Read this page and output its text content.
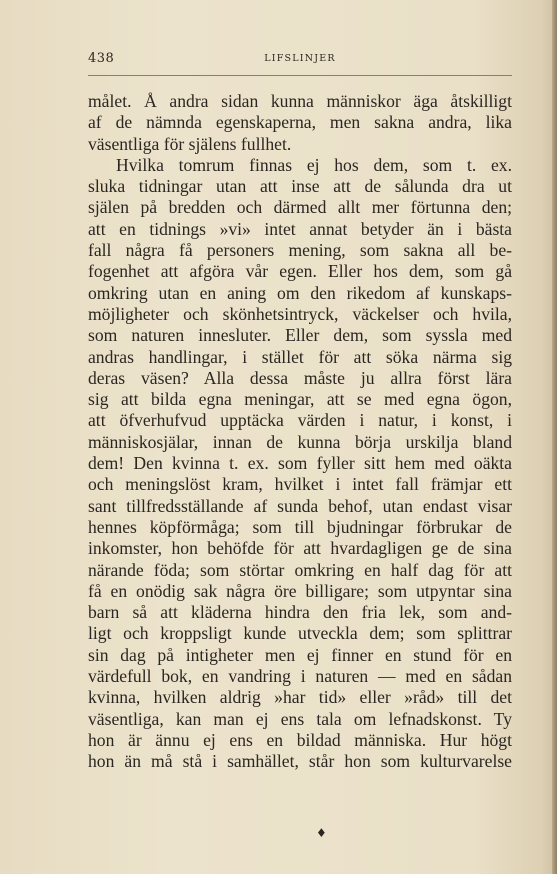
438	LIFSLINJER
målet. Å andra sidan kunna människor äga åtskilligt
af de nämnda egenskaperna, men sakna andra, lika
väsentliga för själens fullhet.
Hvilka tomrum finnas ej hos dem, som t. ex.
sluka tidningar utan att inse att de sålunda dra ut
själen på bredden och därmed allt mer förtunna den;
att en tidnings »vi» intet annat betyder än i bästa
fall några få personers mening, som sakna all be-
fogenhet att afgöra vår egen. Eller hos dem, som gå
omkring utan en aning om den rikedom af kunskaps-
möjligheter och skönhetsintryck, väckelser och hvila,
som naturen innesluter. Eller dem, som syssla med
andras handlingar, i stället för att söka närma sig
deras väsen? Alla dessa måste ju allra först lära
sig att bilda egna meningar, att se med egna ögon,
att öfverhufvud upptäcka värden i natur, i konst, i
människosjälar, innan de kunna börja urskilja bland
dem! Den kvinna t. ex. som fyller sitt hem med oäkta
och meningslöst kram, hvilket i intet fall främjar ett
sant tillfredsställande af sunda behof, utan endast visar
hennes köpförmåga; som till bjudningar förbrukar de
inkomster, hon behöfde för att hvardagligen ge de sina
närande föda; som störtar omkring en half dag för att
få en onödig sak några öre billigare; som utpyntar sina
barn så att kläderna hindra den fria lek, som and-
ligt och kroppsligt kunde utveckla dem; som splittrar
sin dag på intigheter men ej finner en stund för en
värdefull bok, en vandring i naturen — med en sådan
kvinna, hvilken aldrig »har tid» eller »råd» till det
väsentliga, kan man ej ens tala om lefnadskonst. Ty
hon är ännu ej ens en bildad människa. Hur högt
hon än må stå i samhället, står hon som kulturvarelse
♦
